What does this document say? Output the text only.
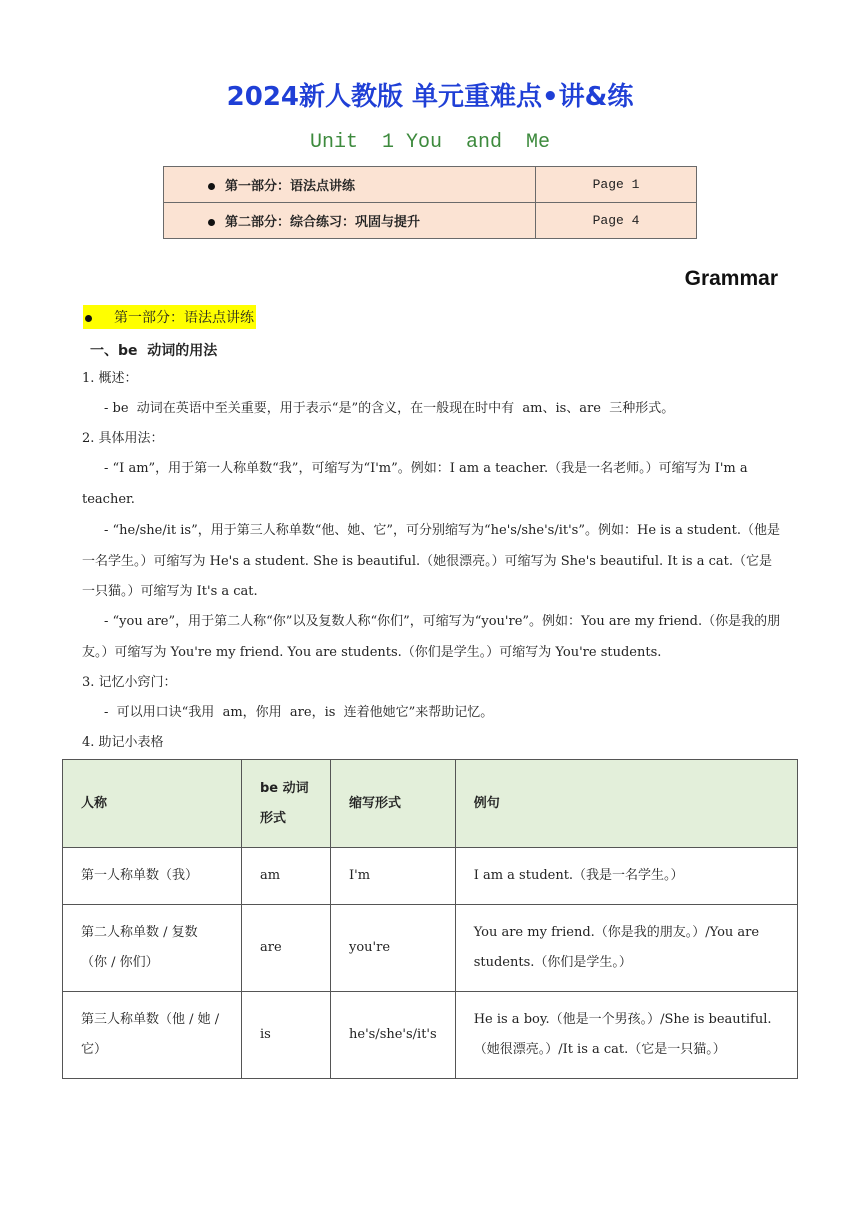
2024新人教版 单元重难点•讲&练
Unit  1 You  and  Me
第一部分：语法点讲练	Page 1
第二部分：综合练习：巩固与提升	Page 4
Grammar
第一部分：语法点讲练
一、be  动词的用法
1. 概述：
- be  动词在英语中至关重要，用于表示“是”的含义，在一般现在时中有  am、is、are  三种形式。
2. 具体用法：
- “I am”，用于第一人称单数“我”，可缩写为“I'm”。例如：I am a teacher.（我是一名老师。）可缩写为 I'm a teacher.
- “he/she/it is”，用于第三人称单数“他、她、它”，可分别缩写为“he's/she's/it's”。例如：He is a student.（他是一名学生。）可缩写为 He's a student. She is beautiful.（她很漂亮。）可缩写为 She's beautiful. It is a cat.（它是一只猫。）可缩写为 It's a cat.
- “you are”，用于第二人称“你”以及复数人称“你们”，可缩写为“you're”。例如：You are my friend.（你是我的朋友。）可缩写为 You're my friend. You are students.（你们是学生。）可缩写为 You're students.
3. 记忆小窍门：
-  可以用口诀“我用  am，你用  are，is  连着他她它”来帮助记忆。
4. 助记小表格
人称	be 动词形式	缩写形式	例句
第一人称单数（我）	am	I'm	I am a student.（我是一名学生。）
第二人称单数 / 复数（你 / 你们）	are	you're	You are my friend.（你是我的朋友。）/You are students.（你们是学生。）
第三人称单数（他 / 她 / 它）	is	he's/she's/it's	He is a boy.（他是一个男孩。）/She is beautiful.（她很漂亮。）/It is a cat.（它是一只猫。）
